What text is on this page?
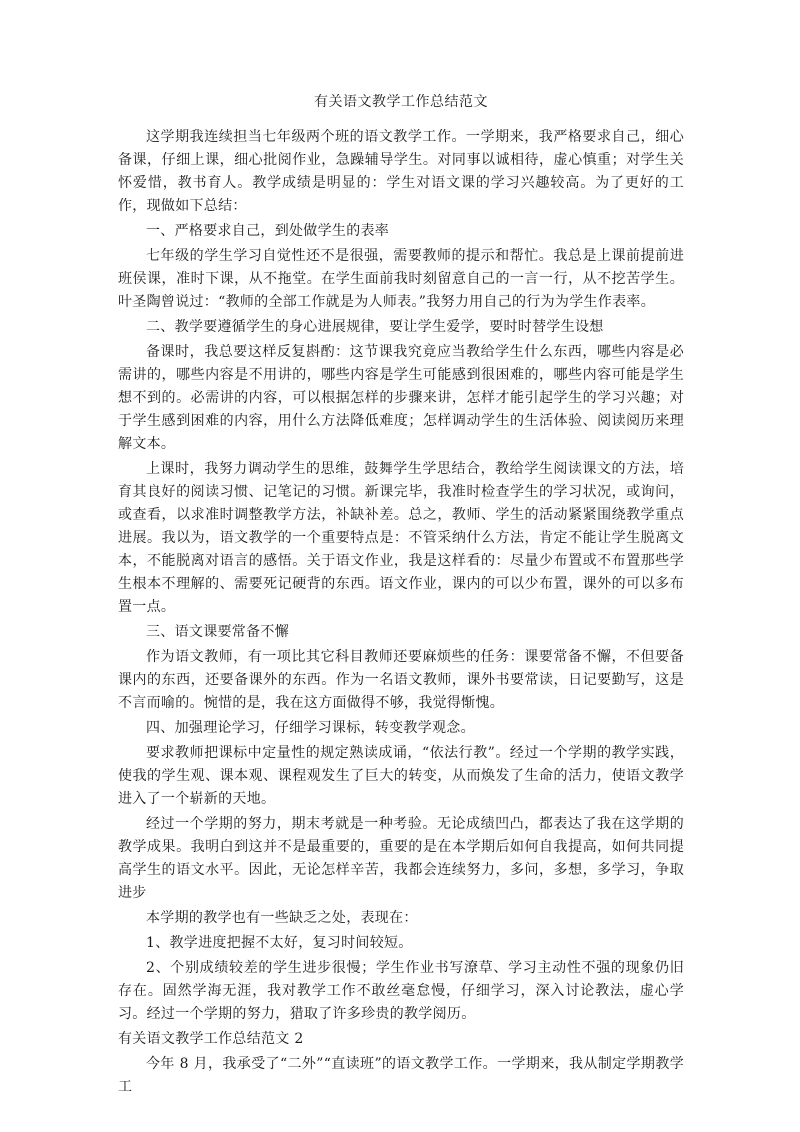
有关语文教学工作总结范文

这学期我连续担当七年级两个班的语文教学工作。一学期来，我严格要求自己，细心备课，仔细上课，细心批阅作业，急躁辅导学生。对同事以诚相待，虚心慎重；对学生关怀爱惜，教书育人。教学成绩是明显的：学生对语文课的学习兴趣较高。为了更好的工作，现做如下总结：

一、严格要求自己，到处做学生的表率

七年级的学生学习自觉性还不是很强，需要教师的提示和帮忙。我总是上课前提前进班侯课，准时下课，从不拖堂。在学生面前我时刻留意自己的一言一行，从不挖苦学生。叶圣陶曾说过：“教师的全部工作就是为人师表。”我努力用自己的行为为学生作表率。

二、教学要遵循学生的身心进展规律，要让学生爱学，要时时替学生设想

备课时，我总要这样反复斟酌：这节课我究竟应当教给学生什么东西，哪些内容是必需讲的，哪些内容是不用讲的，哪些内容是学生可能感到很困难的，哪些内容可能是学生想不到的。必需讲的内容，可以根据怎样的步骤来讲，怎样才能引起学生的学习兴趣；对于学生感到困难的内容，用什么方法降低难度；怎样调动学生的生活体验、阅读阅历来理解文本。

上课时，我努力调动学生的思维，鼓舞学生学思结合，教给学生阅读课文的方法，培育其良好的阅读习惯、记笔记的习惯。新课完毕，我准时检查学生的学习状况，或询问，或查看，以求准时调整教学方法，补缺补差。总之，教师、学生的活动紧紧围绕教学重点进展。我以为，语文教学的一个重要特点是：不管采纳什么方法，肯定不能让学生脱离文本，不能脱离对语言的感悟。关于语文作业，我是这样看的：尽量少布置或不布置那些学生根本不理解的、需要死记硬背的东西。语文作业，课内的可以少布置，课外的可以多布置一点。

三、语文课要常备不懈

作为语文教师，有一项比其它科目教师还要麻烦些的任务：课要常备不懈，不但要备课内的东西，还要备课外的东西。作为一名语文教师，课外书要常读，日记要勤写，这是不言而喻的。惋惜的是，我在这方面做得不够，我觉得惭愧。

四、加强理论学习，仔细学习课标，转变教学观念。

要求教师把课标中定量性的规定熟读成诵，“依法行教”。经过一个学期的教学实践，使我的学生观、课本观、课程观发生了巨大的转变，从而焕发了生命的活力，使语文教学进入了一个崭新的天地。

经过一个学期的努力，期末考就是一种考验。无论成绩凹凸，都表达了我在这学期的教学成果。我明白到这并不是最重要的，重要的是在本学期后如何自我提高，如何共同提高学生的语文水平。因此，无论怎样辛苦，我都会连续努力，多问，多想，多学习，争取进步

本学期的教学也有一些缺乏之处，表现在：

1、教学进度把握不太好，复习时间较短。

2、个别成绩较差的学生进步很慢；学生作业书写潦草、学习主动性不强的现象仍旧存在。固然学海无涯，我对教学工作不敢丝毫怠慢，仔细学习，深入讨论教法，虚心学习。经过一个学期的努力，猎取了许多珍贵的教学阅历。

有关语文教学工作总结范文 2

今年 8 月，我承受了“二外”“直读班”的语文教学工作。一学期来，我从制定学期教学工
